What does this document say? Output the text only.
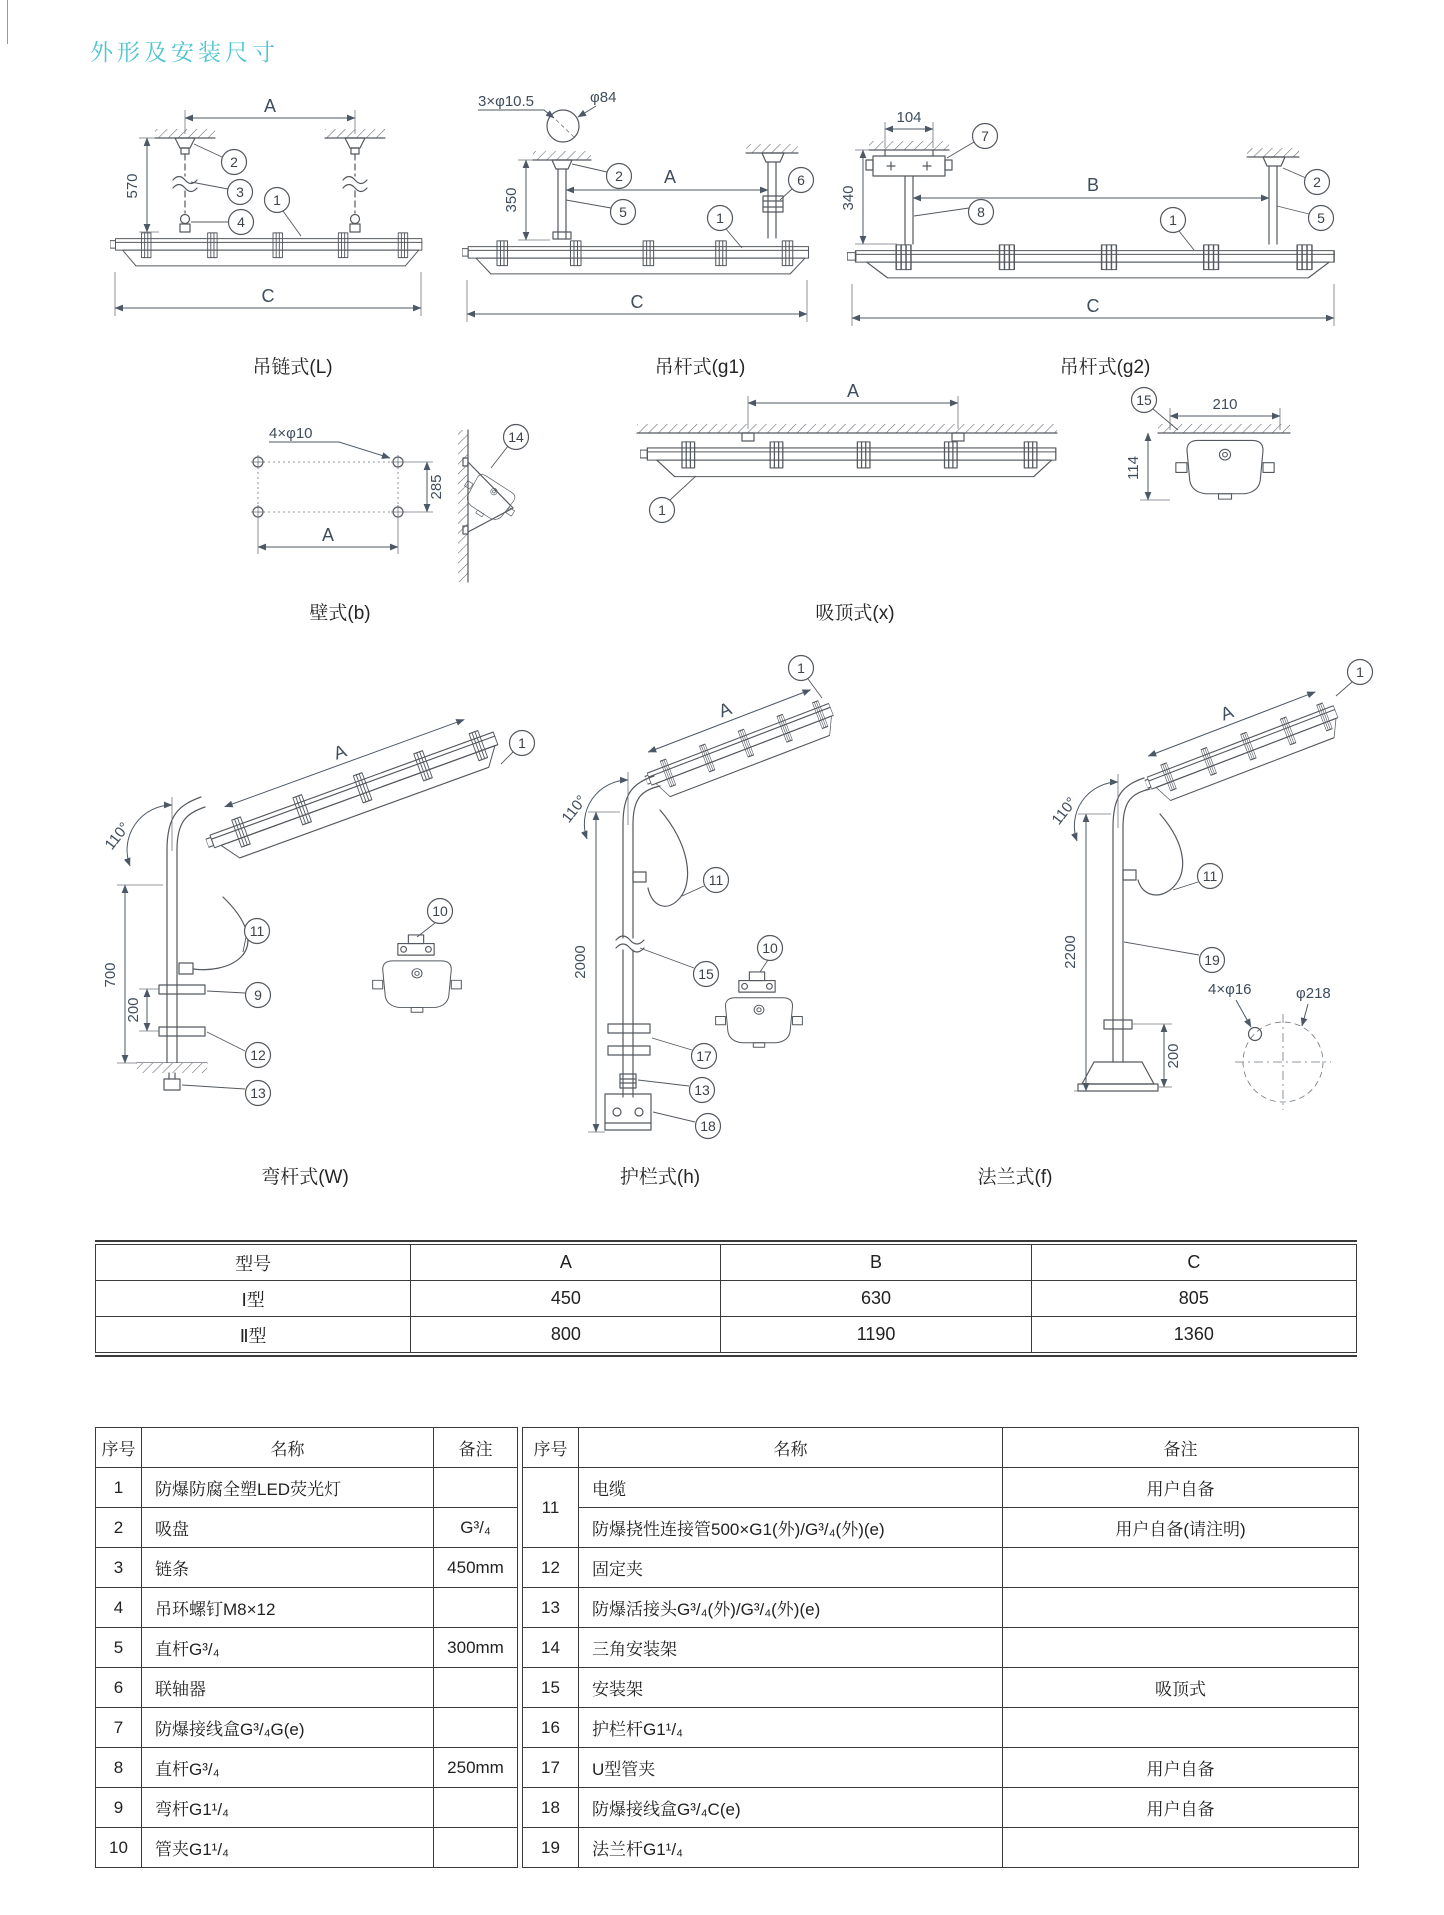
外形及安装尺寸
A
570
C
2
3
4
1
吊链式(L)
3×φ10.5	φ84
350
A
C
2
5
6
1
吊杆式(g1)
104
340
B
C
7
8
2
5
1
吊杆式(g2)
4×φ10
285
A
14
壁式(b)
A
1
210
114
15
吸顶式(x)
A
110°
700
200
11
9
12
13
1
10
弯杆式(W)
A
110°
2000
11
15
1
10
17
13
18
护栏式(h)
A
110°
2200
11
19
1
200
4×φ16	φ218
法兰式(f)
型号	A	B	C
Ⅰ型	450	630	805
Ⅱ型	800	1190	1360
序号	名称	备注
1	防爆防腐全塑LED荧光灯	
2	吸盘	G³/₄
3	链条	450mm
4	吊环螺钉M8×12	
5	直杆G³/₄	300mm
6	联轴器	
7	防爆接线盒G³/₄G(e)	
8	直杆G³/₄	250mm
9	弯杆G1¹/₄	
10	管夹G1¹/₄	
序号	名称	备注
11	电缆	用户自备
	防爆挠性连接管500×G1(外)/G³/₄(外)(e)	用户自备(请注明)
12	固定夹	
13	防爆活接头G³/₄(外)/G³/₄(外)(e)	
14	三角安装架	
15	安装架	吸顶式
16	护栏杆G1¹/₄	
17	U型管夹	用户自备
18	防爆接线盒G³/₄C(e)	用户自备
19	法兰杆G1¹/₄	
